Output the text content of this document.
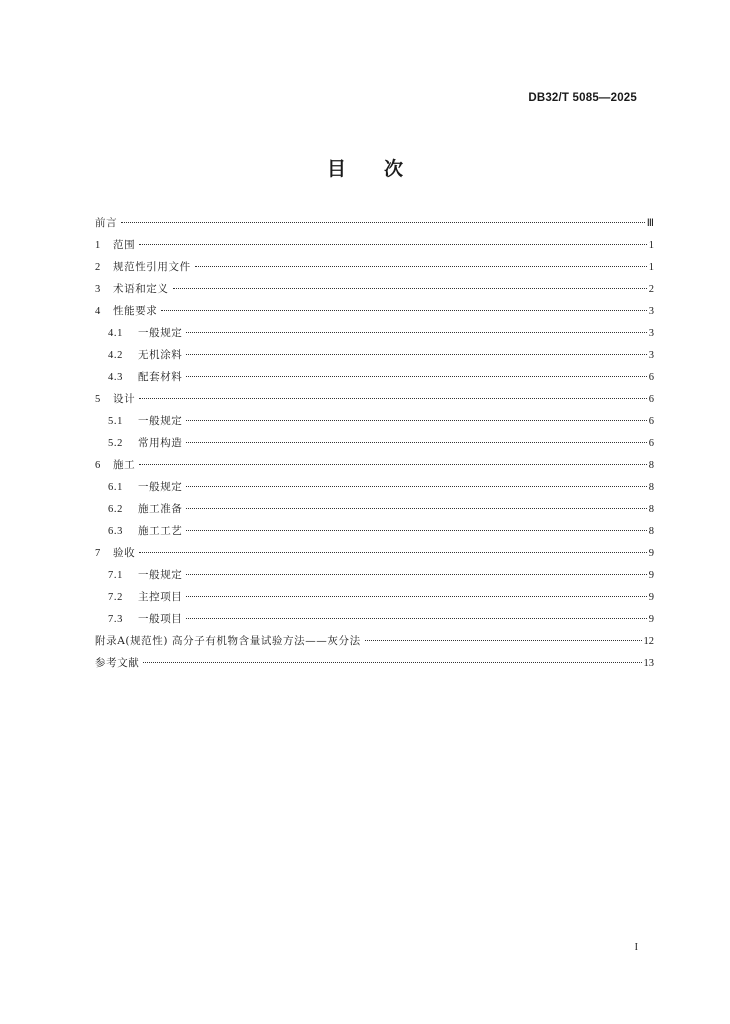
DB32/T 5085—2025
目 次
前言	Ⅲ
1	范围	1
2	规范性引用文件	1
3	术语和定义	2
4	性能要求	3
4.1	一般规定	3
4.2	无机涂料	3
4.3	配套材料	6
5	设计	6
5.1	一般规定	6
5.2	常用构造	6
6	施工	8
6.1	一般规定	8
6.2	施工准备	8
6.3	施工工艺	8
7	验收	9
7.1	一般规定	9
7.2	主控项目	9
7.3	一般项目	9
附录A(规范性) 高分子有机物含量试验方法——灰分法	12
参考文献	13
I
